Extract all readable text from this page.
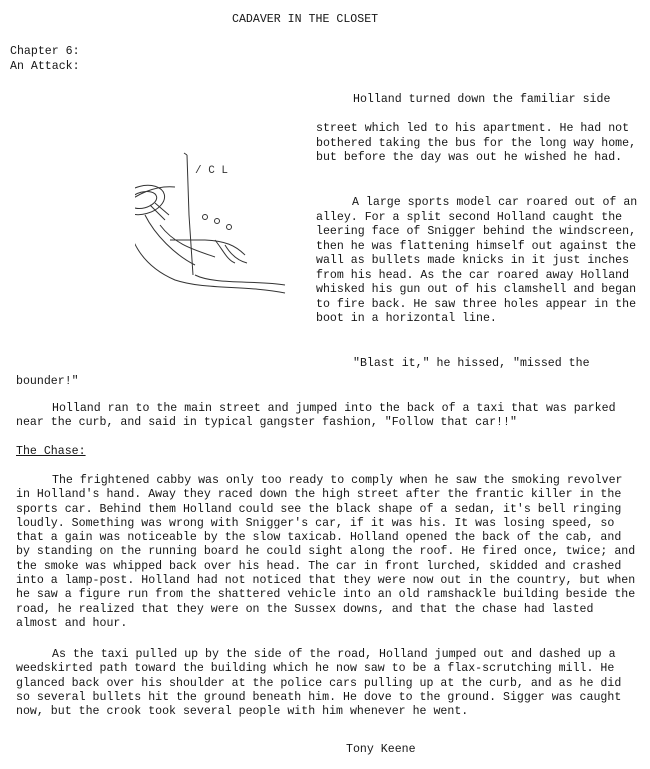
CADAVER IN THE CLOSET
Chapter 6:
An Attack:
/ C L
Holland turned down the familiar side
street which led to his apartment. He had not bothered taking the bus for the long way home, but before the day was out he wished he had.
A large sports model car roared out of an alley. For a split second Holland caught the leering face of Snigger behind the windscreen, then he was flattening himself out against the wall as bullets made knicks in it just inches from his head. As the car roared away Holland whisked his gun out of his clamshell and began to fire back. He saw three holes appear in the boot in a horizontal line.
"Blast it," he hissed, "missed the
bounder!"
Holland ran to the main street and jumped into the back of a taxi that was parked near the curb, and said in typical gangster fashion, "Follow that car!!"
The Chase:
The frightened cabby was only too ready to comply when he saw the smoking revolver in Holland's hand. Away they raced down the high street after the frantic killer in the sports car. Behind them Holland could see the black shape of a sedan, it's bell ringing loudly. Something was wrong with Snigger's car, if it was his. It was losing speed, so that a gain was noticeable by the slow taxicab. Holland opened the back of the cab, and by standing on the running board he could sight along the roof. He fired once, twice; and the smoke was whipped back over his head. The car in front lurched, skidded and crashed into a lamp-post. Holland had not noticed that they were now out in the country, but when he saw a figure run from the shattered vehicle into an old ramshackle building beside the road, he realized that they were on the Sussex downs, and that the chase had lasted almost and hour.
As the taxi pulled up by the side of the road, Holland jumped out and dashed up a weedskirted path toward the building which he now saw to be a flax-scrutching mill. He glanced back over his shoulder at the police cars pulling up at the curb, and as he did so several bullets hit the ground beneath him. He dove to the ground. Sigger was caught now, but the crook took several people with him whenever he went.
Tony Keene
